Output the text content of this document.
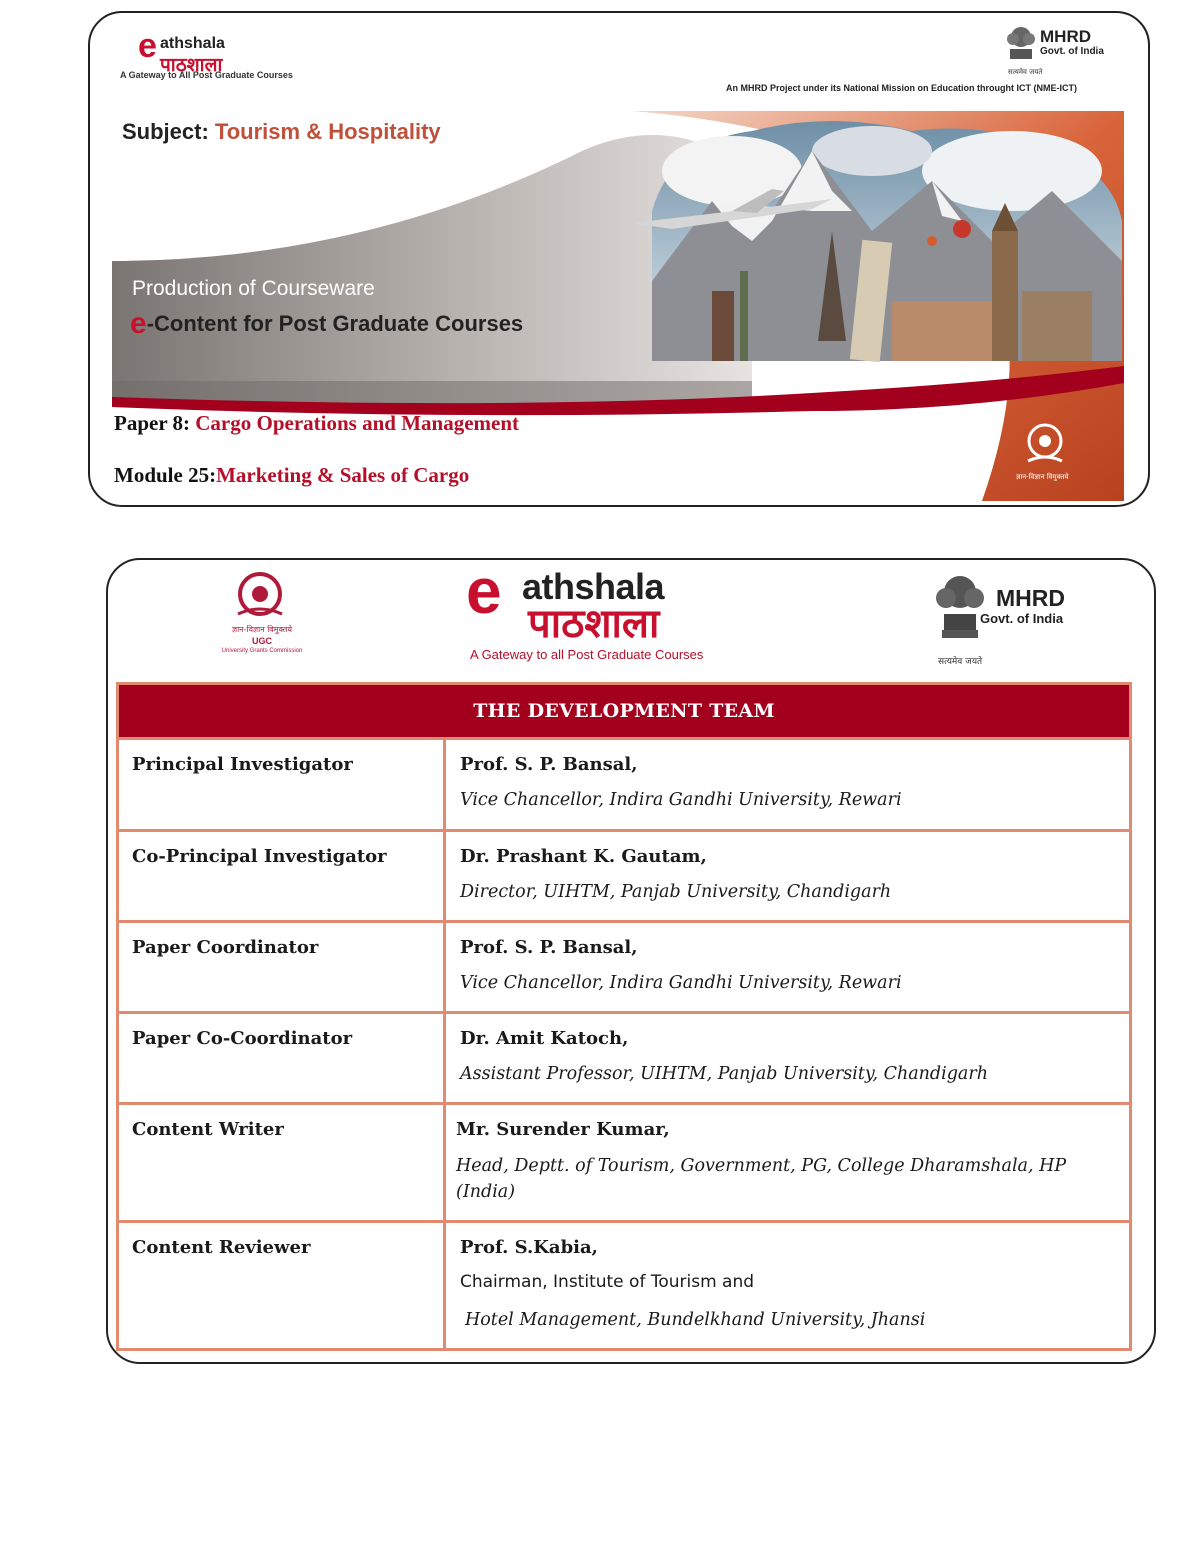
e athshala
पाठशाला
A Gateway to All Post Graduate Courses
MHRD
Govt. of India
सत्यमेव जयते
An MHRD Project under its National Mission on Education throught ICT (NME-ICT)
Subject: Tourism & Hospitality
Production of Courseware
e-Content for Post Graduate Courses
Paper 8: Cargo Operations and Management
Module 25:Marketing & Sales of Cargo	ज्ञान-विज्ञान विमुक्तये
ज्ञान-विज्ञान विमुक्तये
UGC
University Grants Commission
e athshala
पाठशाला
A Gateway to all Post Graduate Courses
MHRD
Govt. of India
सत्यमेव जयते
THE DEVELOPMENT TEAM	
Principal Investigator	Prof. S. P. Bansal,
Vice Chancellor, Indira Gandhi University, Rewari

Co-Principal Investigator	Dr. Prashant K. Gautam,
Director, UIHTM, Panjab University, Chandigarh

Paper Coordinator	Prof. S. P. Bansal,
Vice Chancellor, Indira Gandhi University, Rewari

Paper Co-Coordinator	Dr. Amit Katoch,
Assistant Professor, UIHTM, Panjab University, Chandigarh

Content Writer	Mr. Surender Kumar,
Head, Deptt. of Tourism, Government, PG, College Dharamshala, HP (India)

Content Reviewer	Prof. S.Kabia,
Chairman, Institute of Tourism and
Hotel Management, Bundelkhand University, Jhansi
